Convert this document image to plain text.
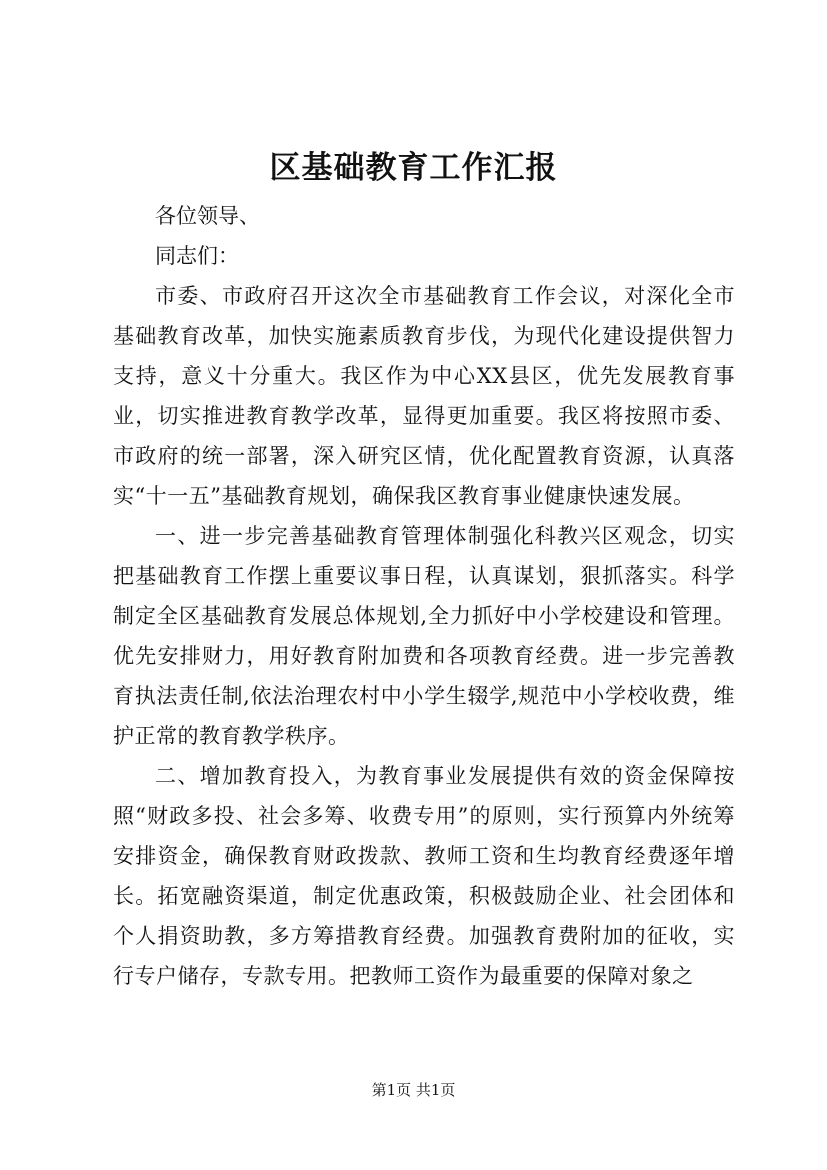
区基础教育工作汇报

各位领导、

同志们：

市委、市政府召开这次全市基础教育工作会议，对深化全市基础教育改革，加快实施素质教育步伐，为现代化建设提供智力支持，意义十分重大。我区作为中心XX县区，优先发展教育事业，切实推进教育教学改革，显得更加重要。我区将按照市委、市政府的统一部署，深入研究区情，优化配置教育资源，认真落实“十一五”基础教育规划，确保我区教育事业健康快速发展。

一、进一步完善基础教育管理体制强化科教兴区观念，切实把基础教育工作摆上重要议事日程，认真谋划，狠抓落实。科学制定全区基础教育发展总体规划,全力抓好中小学校建设和管理。优先安排财力，用好教育附加费和各项教育经费。进一步完善教育执法责任制,依法治理农村中小学生辍学,规范中小学校收费，维护正常的教育教学秩序。

二、增加教育投入，为教育事业发展提供有效的资金保障按照“财政多投、社会多筹、收费专用”的原则，实行预算内外统筹安排资金，确保教育财政拨款、教师工资和生均教育经费逐年增长。拓宽融资渠道，制定优惠政策，积极鼓励企业、社会团体和个人捐资助教，多方筹措教育经费。加强教育费附加的征收，实行专户储存，专款专用。把教师工资作为最重要的保障对象之

第1页 共1页
